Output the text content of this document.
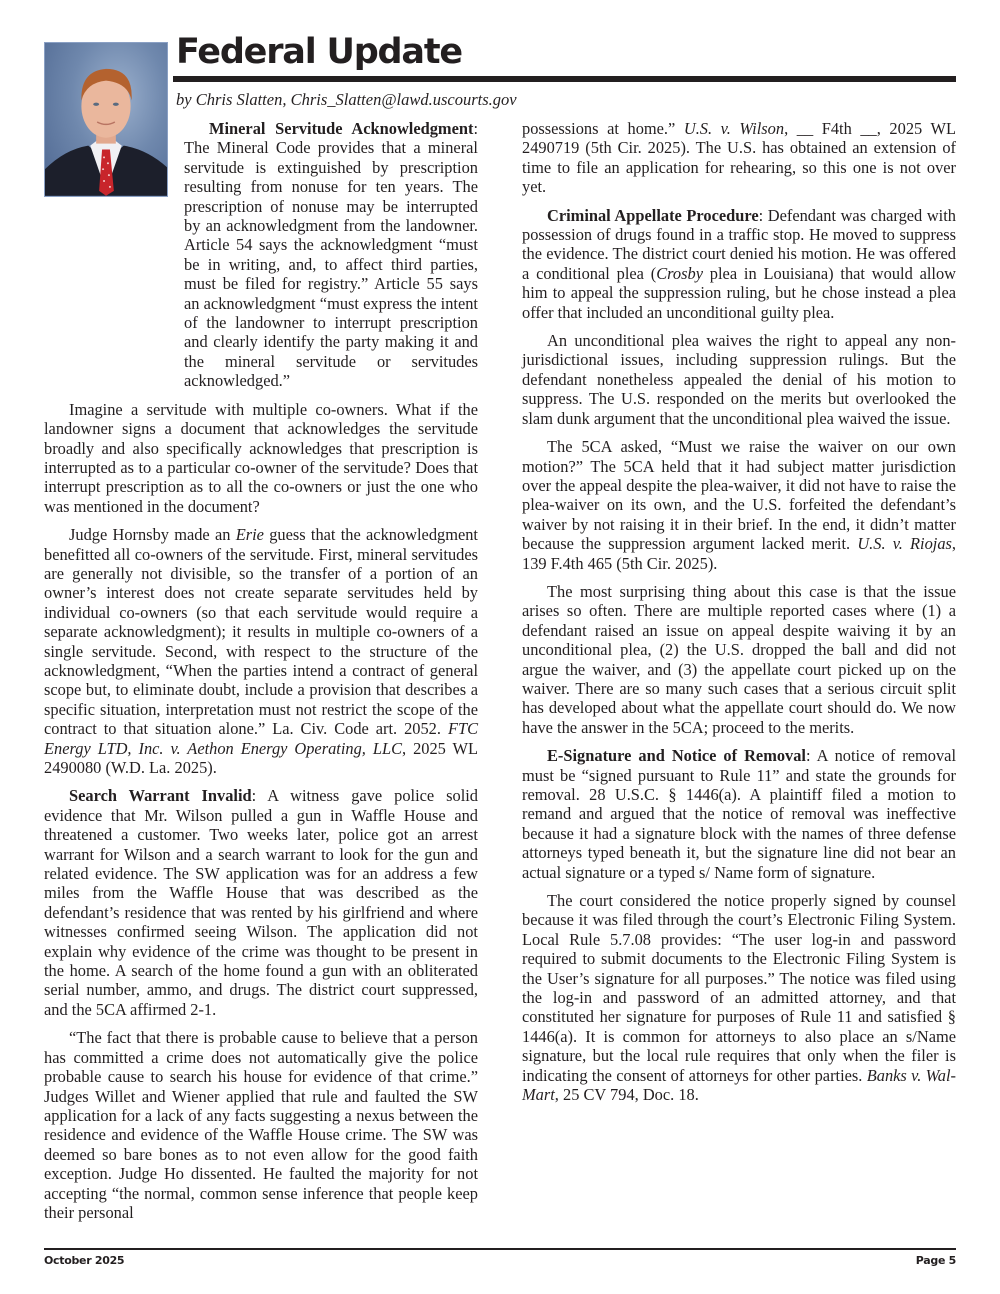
Federal Update
by Chris Slatten, Chris_Slatten@lawd.uscourts.gov

Mineral Servitude Acknowledgment: The Mineral Code provides that a mineral servitude is extinguished by prescription resulting from nonuse for ten years. The prescription of nonuse may be interrupted by an acknowledgment from the landowner. Article 54 says the acknowledgment “must be in writing, and, to affect third parties, must be filed for registry.” Article 55 says an acknowledgment “must express the intent of the landowner to interrupt prescription and clearly identify the party making it and the mineral servitude or servitudes acknowledged.”

Imagine a servitude with multiple co-owners. What if the landowner signs a document that acknowledges the servitude broadly and also specifically acknowledges that prescription is interrupted as to a particular co-owner of the servitude? Does that interrupt prescription as to all the co-owners or just the one who was mentioned in the document?

Judge Hornsby made an Erie guess that the acknowledgment benefitted all co-owners of the servitude. First, mineral servitudes are generally not divisible, so the transfer of a portion of an owner’s interest does not create separate servitudes held by individual co-owners (so that each servitude would require a separate acknowledgment); it results in multiple co-owners of a single servitude. Second, with respect to the structure of the acknowledgment, “When the parties intend a contract of general scope but, to eliminate doubt, include a provision that describes a specific situation, interpretation must not restrict the scope of the contract to that situation alone.” La. Civ. Code art. 2052. FTC Energy LTD, Inc. v. Aethon Energy Operating, LLC, 2025 WL 2490080 (W.D. La. 2025).

Search Warrant Invalid: A witness gave police solid evidence that Mr. Wilson pulled a gun in Waffle House and threatened a customer. Two weeks later, police got an arrest warrant for Wilson and a search warrant to look for the gun and related evidence. The SW application was for an address a few miles from the Waffle House that was described as the defendant’s residence that was rented by his girlfriend and where witnesses confirmed seeing Wilson. The application did not explain why evidence of the crime was thought to be present in the home. A search of the home found a gun with an obliterated serial number, ammo, and drugs. The district court suppressed, and the 5CA affirmed 2-1.

“The fact that there is probable cause to believe that a person has committed a crime does not automatically give the police probable cause to search his house for evidence of that crime.” Judges Willet and Wiener applied that rule and faulted the SW application for a lack of any facts suggesting a nexus between the residence and evidence of the Waffle House crime. The SW was deemed so bare bones as to not even allow for the good faith exception. Judge Ho dissented. He faulted the majority for not accepting “the normal, common sense inference that people keep their personal

possessions at home.” U.S. v. Wilson, __ F4th __, 2025 WL 2490719 (5th Cir. 2025). The U.S. has obtained an extension of time to file an application for rehearing, so this one is not over yet.

Criminal Appellate Procedure: Defendant was charged with possession of drugs found in a traffic stop. He moved to suppress the evidence. The district court denied his motion. He was offered a conditional plea (Crosby plea in Louisiana) that would allow him to appeal the suppression ruling, but he chose instead a plea offer that included an unconditional guilty plea.

An unconditional plea waives the right to appeal any non-jurisdictional issues, including suppression rulings. But the defendant nonetheless appealed the denial of his motion to suppress. The U.S. responded on the merits but overlooked the slam dunk argument that the unconditional plea waived the issue.

The 5CA asked, “Must we raise the waiver on our own motion?” The 5CA held that it had subject matter jurisdiction over the appeal despite the plea-waiver, it did not have to raise the plea-waiver on its own, and the U.S. forfeited the defendant’s waiver by not raising it in their brief. In the end, it didn’t matter because the suppression argument lacked merit. U.S. v. Riojas, 139 F.4th 465 (5th Cir. 2025).

The most surprising thing about this case is that the issue arises so often. There are multiple reported cases where (1) a defendant raised an issue on appeal despite waiving it by an unconditional plea, (2) the U.S. dropped the ball and did not argue the waiver, and (3) the appellate court picked up on the waiver. There are so many such cases that a serious circuit split has developed about what the appellate court should do. We now have the answer in the 5CA; proceed to the merits.

E-Signature and Notice of Removal: A notice of removal must be “signed pursuant to Rule 11” and state the grounds for removal. 28 U.S.C. § 1446(a). A plaintiff filed a motion to remand and argued that the notice of removal was ineffective because it had a signature block with the names of three defense attorneys typed beneath it, but the signature line did not bear an actual signature or a typed s/ Name form of signature.

The court considered the notice properly signed by counsel because it was filed through the court’s Electronic Filing System. Local Rule 5.7.08 provides: “The user log-in and password required to submit documents to the Electronic Filing System is the User’s signature for all purposes.” The notice was filed using the log-in and password of an admitted attorney, and that constituted her signature for purposes of Rule 11 and satisfied § 1446(a). It is common for attorneys to also place an s/Name signature, but the local rule requires that only when the filer is indicating the consent of attorneys for other parties. Banks v. Wal-Mart, 25 CV 794, Doc. 18.

October 2025	Page 5
